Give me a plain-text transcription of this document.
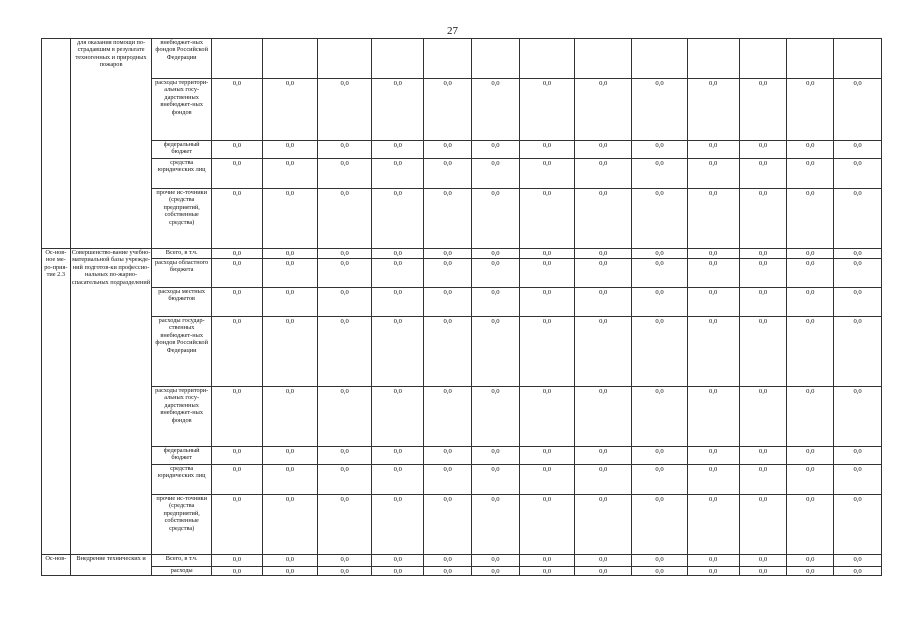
27
	для оказания помощи по-страдавшим в результате техногенных и природных пожаров	внебюджет-ных фондов Российской Федерации													
		расходы территори-альных госу-дарственных внебюджет-ных фондов	0,0	0,0	0,0	0,0	0,0	0,0	0,0	0,0	0,0	0,0	0,0	0,0	0,0
		федеральный бюджет	0,0	0,0	0,0	0,0	0,0	0,0	0,0	0,0	0,0	0,0	0,0	0,0	0,0
		средства юридических лиц	0,0	0,0	0,0	0,0	0,0	0,0	0,0	0,0	0,0	0,0	0,0	0,0	0,0
		прочие ис-точники (средства предприятий, собственные средства)	0,0	0,0	0,0	0,0	0,0	0,0	0,0	0,0	0,0	0,0	0,0	0,0	0,0
Ос-нов-ное ме-ро-прия-тие 2.3	Совершенство-вание учебно-материальной базы учрежде-ний подготов-ки профессио-нальных по-жарно-спасательных подразделений	Всего, в т.ч.	0,0	0,0	0,0	0,0	0,0	0,0	0,0	0,0	0,0	0,0	0,0	0,0	0,0
		расходы областного бюджета	0,0	0,0	0,0	0,0	0,0	0,0	0,0	0,0	0,0	0,0	0,0	0,0	0,0
		расходы местных бюджетов	0,0	0,0	0,0	0,0	0,0	0,0	0,0	0,0	0,0	0,0	0,0	0,0	0,0
		расходы государ-ственных внебюджет-ных фондов Российской Федерации	0,0	0,0	0,0	0,0	0,0	0,0	0,0	0,0	0,0	0,0	0,0	0,0	0,0
		расходы территори-альных госу-дарственных внебюджет-ных фондов	0,0	0,0	0,0	0,0	0,0	0,0	0,0	0,0	0,0	0,0	0,0	0,0	0,0
		федеральный бюджет	0,0	0,0	0,0	0,0	0,0	0,0	0,0	0,0	0,0	0,0	0,0	0,0	0,0
		средства юридических лиц	0,0	0,0	0,0	0,0	0,0	0,0	0,0	0,0	0,0	0,0	0,0	0,0	0,0
		прочие ис-точники (средства предприятий, собственные средства)	0,0	0,0	0,0	0,0	0,0	0,0	0,0	0,0	0,0	0,0	0,0	0,0	0,0
Ос-нов-	Внедрение технических и	Всего, в т.ч.	0,0	0,0	0,0	0,0	0,0	0,0	0,0	0,0	0,0	0,0	0,0	0,0	0,0
		расходы	0,0	0,0	0,0	0,0	0,0	0,0	0,0	0,0	0,0	0,0	0,0	0,0	0,0
